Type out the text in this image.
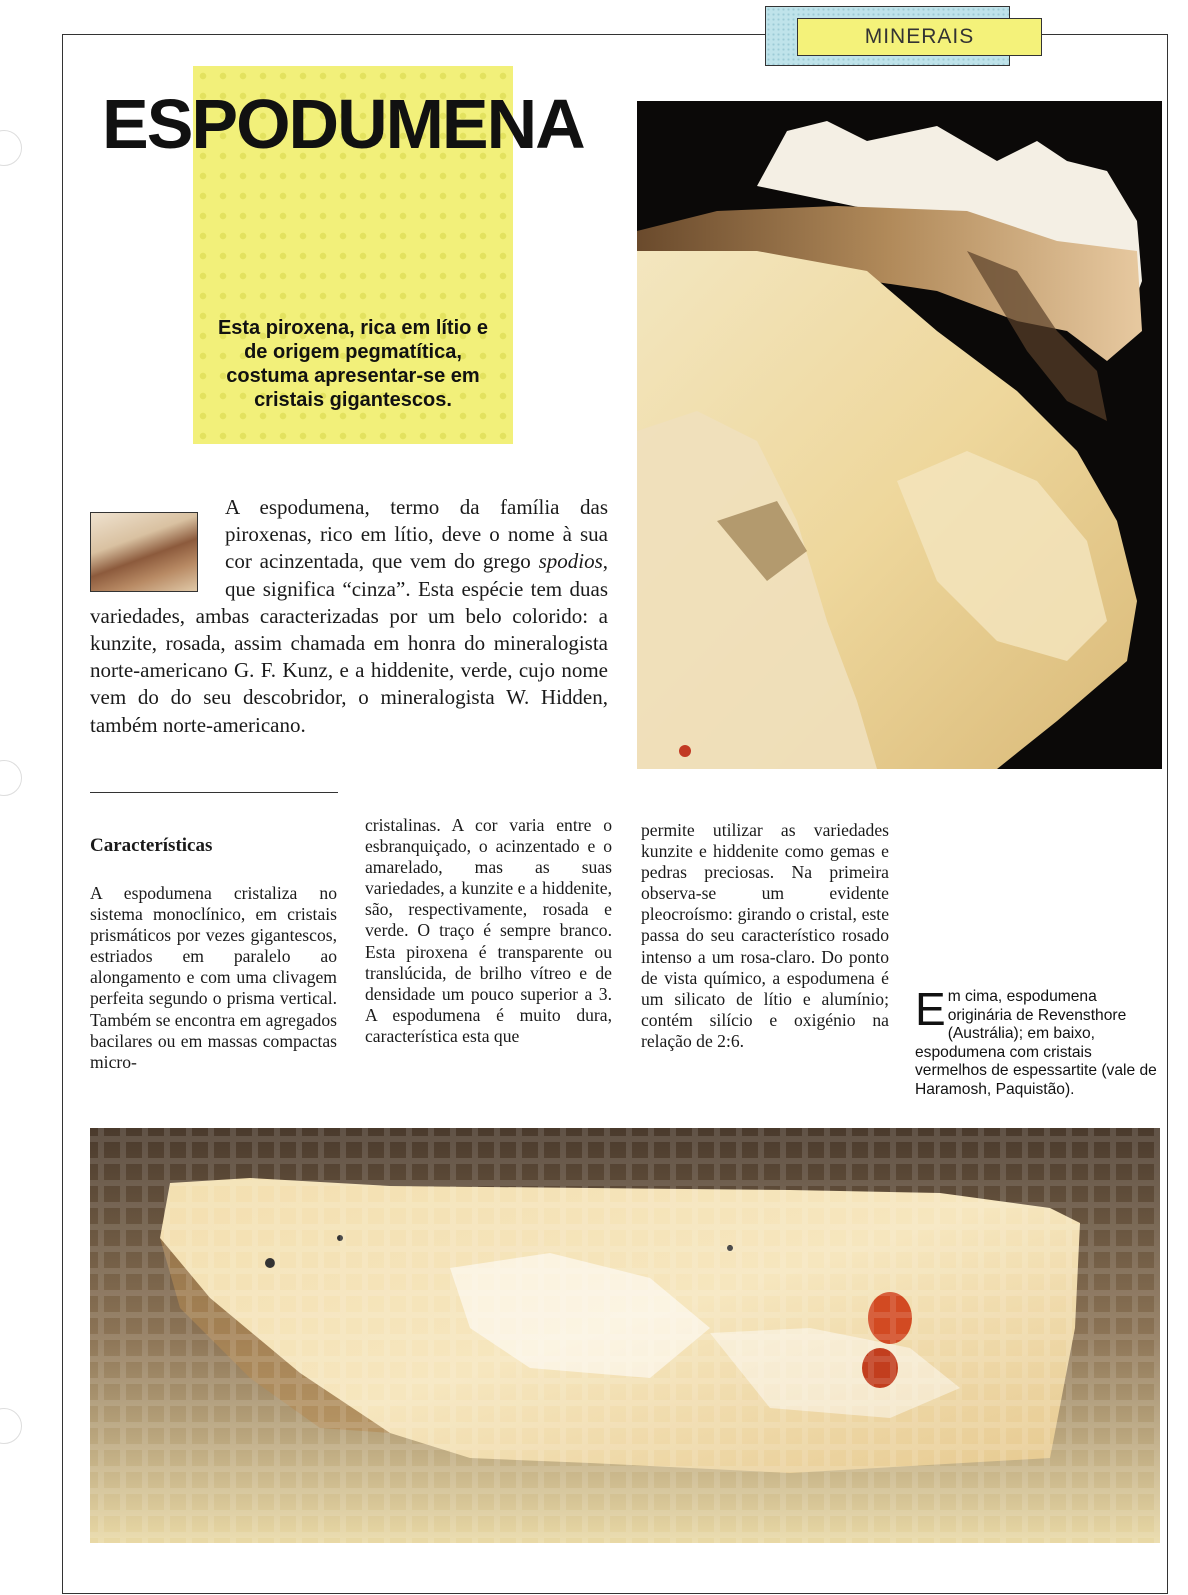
MINERAIS
ESPODUMENA

Esta piroxena, rica em lítio e de origem pegmatítica, costuma apresentar-se em cristais gigantescos.

A espodumena, termo da família das piroxenas, rico em lítio, deve o nome à sua cor acinzentada, que vem do grego spodios, que significa “cinza”. Esta espécie tem duas variedades, ambas caracterizadas por um belo colorido: a kunzite, rosada, assim chamada em honra do mineralogista norte-americano G. F. Kunz, e a hiddenite, verde, cujo nome vem do do seu descobridor, o mineralogista W. Hidden, também norte-americano.
Características

A espodumena cristaliza no sistema monoclínico, em cristais prismáticos por vezes gigantescos, estriados em paralelo ao alongamento e com uma clivagem perfeita segundo o prisma vertical. Também se encontra em agregados bacilares ou em massas compactas micro-

cristalinas. A cor varia entre o esbranquiçado, o acinzentado e o amarelado, mas as suas variedades, a kunzite e a hiddenite, são, respectivamente, rosada e verde. O traço é sempre branco. Esta piroxena é transparente ou translúcida, de brilho vítreo e de densidade um pouco superior a 3. A espodumena é muito dura, característica esta que

permite utilizar as variedades kunzite e hiddenite como gemas e pedras preciosas. Na primeira observa-se um evidente pleocroísmo: girando o cristal, este passa do seu característico rosado intenso a um rosa-claro. Do ponto de vista químico, a espodumena é um silicato de lítio e alumínio; contém silício e oxigénio na relação de 2:6.

Em cima, espodumena originária de Revensthore (Austrália); em baixo, espodumena com cristais vermelhos de espessartite (vale de Haramosh, Paquistão).
